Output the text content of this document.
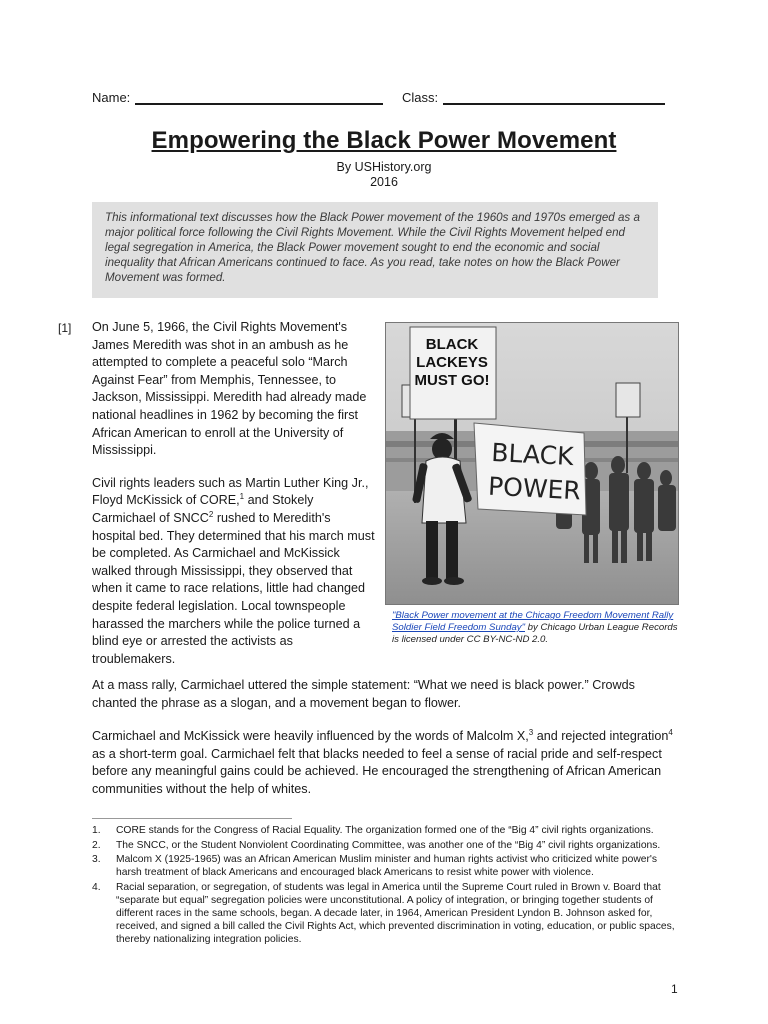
Name:	Class:
Empowering the Black Power Movement
By USHistory.org
2016
This informational text discusses how the Black Power movement of the 1960s and 1970s emerged as a major political force following the Civil Rights Movement. While the Civil Rights Movement helped end legal segregation in America, the Black Power movement sought to end the economic and social inequality that African Americans continued to face. As you read, take notes on how the Black Power Movement was formed.
[1] On June 5, 1966, the Civil Rights Movement's James Meredith was shot in an ambush as he attempted to complete a peaceful solo “March Against Fear” from Memphis, Tennessee, to Jackson, Mississippi. Meredith had already made national headlines in 1962 by becoming the first African American to enroll at the University of Mississippi.

Civil rights leaders such as Martin Luther King Jr., Floyd McKissick of CORE,$^1$ and Stokely Carmichael of SNCC$^2$ rushed to Meredith's hospital bed. They determined that his march must be completed. As Carmichael and McKissick walked through Mississippi, they observed that when it came to race relations, little had changed despite federal legislation. Local townspeople harassed the marchers while the police turned a blind eye or arrested the activists as troublemakers.

BLACK
LACKEYS
MUST GO!
BLACK
POWER
"Black Power movement at the Chicago Freedom Movement Rally Soldier Field Freedom Sunday" by Chicago Urban League Records is licensed under CC BY-NC-ND 2.0.

At a mass rally, Carmichael uttered the simple statement: “What we need is black power.” Crowds chanted the phrase as a slogan, and a movement began to flower.

Carmichael and McKissick were heavily influenced by the words of Malcolm X,$^3$ and rejected integration$^4$ as a short-term goal. Carmichael felt that blacks needed to feel a sense of racial pride and self-respect before any meaningful gains could be achieved. He encouraged the strengthening of African American communities without the help of whites.

1. CORE stands for the Congress of Racial Equality. The organization formed one of the “Big 4” civil rights organizations.
2. The SNCC, or the Student Nonviolent Coordinating Committee, was another one of the “Big 4” civil rights organizations.
3. Malcom X (1925-1965) was an African American Muslim minister and human rights activist who criticized white power's harsh treatment of black Americans and encouraged black Americans to resist white power with violence.
4. Racial separation, or segregation, of students was legal in America until the Supreme Court ruled in Brown v. Board that “separate but equal” segregation policies were unconstitutional. A policy of integration, or bringing together students of different races in the same schools, began. A decade later, in 1964, American President Lyndon B. Johnson asked for, received, and signed a bill called the Civil Rights Act, which prevented discrimination in voting, education, or public spaces, thereby nationalizing integration policies.
1
